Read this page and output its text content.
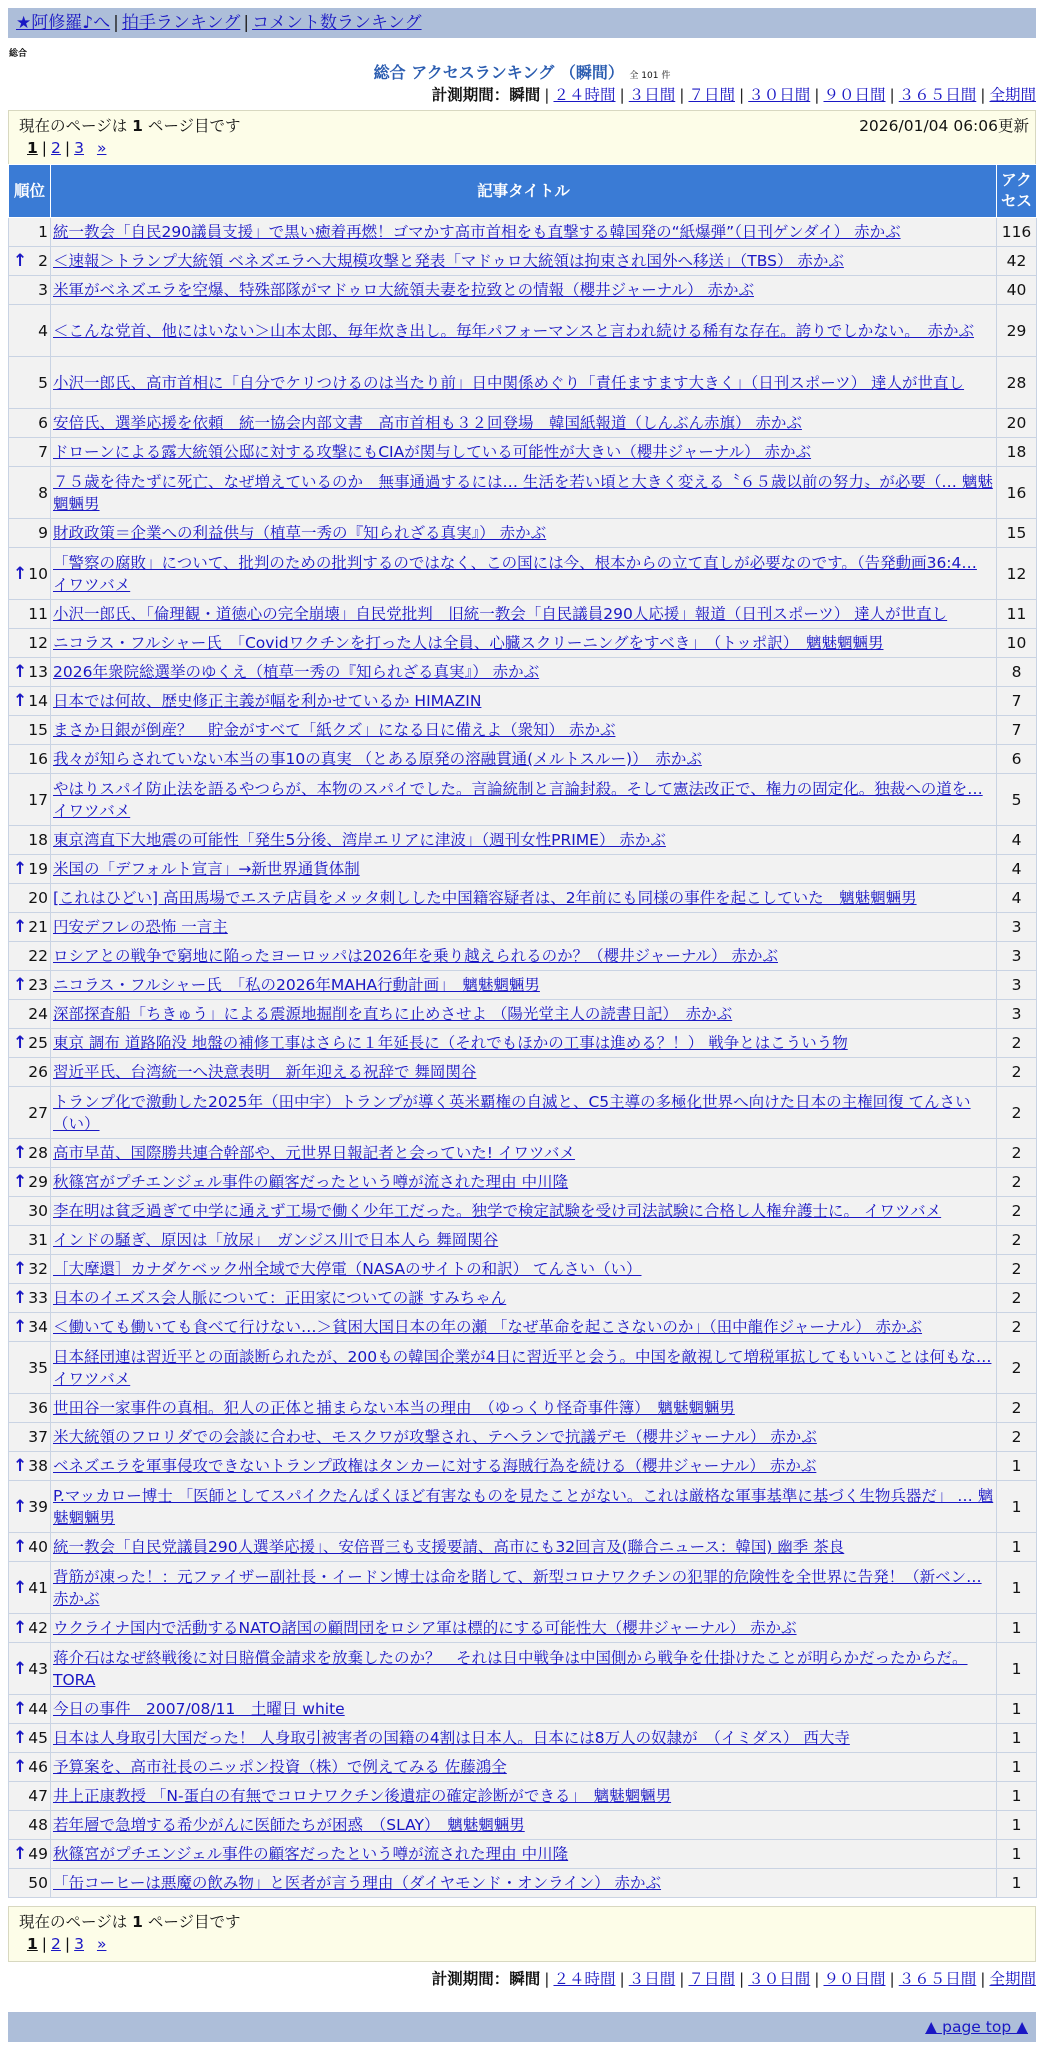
★阿修羅♪へ | 拍手ランキング | コメント数ランキング
総合
総合 アクセスランキング （瞬間） 全 101 件
計測期間：瞬間 | ２４時間 | ３日間 | ７日間 | ３０日間 | ９０日間 | ３６５日間 | 全期間
現在のページは 1 ページ目です	2026/01/04 06:06更新
1 | 2 | 3 »
順位	記事タイトル	アクセス
1	統一教会「自民290議員支援」で黒い癒着再燃！ゴマかす高市首相をも直撃する韓国発の“紙爆弾”（日刊ゲンダイ） 赤かぶ	116

↑ 2	＜速報＞トランプ大統領 ベネズエラへ大規模攻撃と発表「マドゥロ大統領は拘束され国外へ移送」（TBS） 赤かぶ	42
3	米軍がベネズエラを空爆、特殊部隊がマドゥロ大統領夫妻を拉致との情報（櫻井ジャーナル） 赤かぶ	40
4	＜こんな党首、他にはいない＞山本太郎、毎年炊き出し。毎年パフォーマンスと言われ続ける稀有な存在。誇りでしかない。　赤かぶ	29
5	小沢一郎氏、高市首相に「自分でケリつけるのは当たり前」日中関係めぐり「責任ますます大きく」（日刊スポーツ） 達人が世直し	28
6	安倍氏、選挙応援を依頼　統一協会内部文書　高市首相も３２回登場　韓国紙報道（しんぶん赤旗） 赤かぶ	20
7	ドローンによる露大統領公邸に対する攻撃にもCIAが関与している可能性が大きい（櫻井ジャーナル） 赤かぶ	18
8	７５歳を待たずに死亡、なぜ増えているのか　無事通過するには… 生活を若い頃と大きく変える〝６５歳以前の努力〟が必要（… 魑魅魍魎男	16
9	財政政策＝企業への利益供与（植草一秀の『知られざる真実』） 赤かぶ	15

↑ 10	「警察の腐敗」について、批判のための批判するのではなく、この国には今、根本からの立て直しが必要なのです。（告発動画36:4… イワツバメ	12
11	小沢一郎氏、「倫理観・道徳心の完全崩壊」自民党批判　旧統一教会「自民議員290人応援」報道（日刊スポーツ） 達人が世直し	11
12	ニコラス・フルシャー氏　「Covidワクチンを打った人は全員、心臓スクリーニングをすべき」　（トッポ訳）　魑魅魍魎男	10

↑ 13	2026年衆院総選挙のゆくえ（植草一秀の『知られざる真実』） 赤かぶ	8

↑ 14	日本では何故、歴史修正主義が幅を利かせているか HIMAZIN	7
15	まさか日銀が倒産？　貯金がすべて「紙クズ」になる日に備えよ（衆知） 赤かぶ	7
16	我々が知らされていない本当の事10の真実 （とある原発の溶融貫通(メルトスルー)）　赤かぶ	6
17	やはりスパイ防止法を語るやつらが、本物のスパイでした。言論統制と言論封殺。そして憲法改正で、権力の固定化。独裁への道を… イワツバメ	5
18	東京湾直下大地震の可能性「発生5分後、湾岸エリアに津波」（週刊女性PRIME） 赤かぶ	4

↑ 19	米国の「デフォルト宣言」→新世界通貨体制	4
20	[これはひどい] 高田馬場でエステ店員をメッタ刺しした中国籍容疑者は、2年前にも同様の事件を起こしていた　魑魅魍魎男	4

↑ 21	円安デフレの恐怖 一言主	3
22	ロシアとの戦争で窮地に陥ったヨーロッパは2026年を乗り越えられるのか？（櫻井ジャーナル） 赤かぶ	3

↑ 23	ニコラス・フルシャー氏　「私の2026年MAHA行動計画」　魑魅魍魎男	3
24	深部探査船「ちきゅう」による震源地掘削を直ちに止めさせよ （陽光堂主人の読書日記）　赤かぶ	3

↑ 25	東京 調布 道路陥没 地盤の補修工事はさらに１年延長に（それでもほかの工事は進める？！） 戦争とはこういう物	2
26	習近平氏、台湾統一へ決意表明　新年迎える祝辞で 舞岡関谷	2
27	トランプ化で激動した2025年（田中宇）トランプが導く英米覇権の自滅と、C5主導の多極化世界へ向けた日本の主権回復 てんさい（い）	2

↑ 28	高市早苗、国際勝共連合幹部や、元世界日報記者と会っていた! イワツバメ	2

↑ 29	秋篠宮がプチエンジェル事件の顧客だったという噂が流された理由 中川隆	2
30	李在明は貧乏過ぎて中学に通えず工場で働く少年工だった。独学で検定試験を受け司法試験に合格し人権弁護士に。 イワツバメ	2
31	インドの騒ぎ、原因は「放尿」　ガンジス川で日本人ら 舞岡関谷	2

↑ 32	［大摩還］カナダケベック州全域で大停電（NASAのサイトの和訳） てんさい（い）	2

↑ 33	日本のイエズス会人脈について：正田家についての謎 すみちゃん	2

↑ 34	＜働いても働いても食べて行けない…＞貧困大国日本の年の瀬 「なぜ革命を起こさないのか」（田中龍作ジャーナル） 赤かぶ	2
35	日本経団連は習近平との面談断られたが、200もの韓国企業が4日に習近平と会う。中国を敵視して増税軍拡してもいいことは何もな… イワツバメ	2
36	世田谷一家事件の真相。犯人の正体と捕まらない本当の理由　（ゆっくり怪奇事件簿）　魑魅魍魎男	2
37	米大統領のフロリダでの会談に合わせ、モスクワが攻撃され、テヘランで抗議デモ（櫻井ジャーナル） 赤かぶ	2

↑ 38	ベネズエラを軍事侵攻できないトランプ政権はタンカーに対する海賊行為を続ける（櫻井ジャーナル） 赤かぶ	1

↑ 39	P.マッカロー博士 「医師としてスパイクたんぱくほど有害なものを見たことがない。これは厳格な軍事基準に基づく生物兵器だ」 … 魑魅魍魎男	1

↑ 40	統一教会「自民党議員290人選挙応援」、安倍晋三も支援要請、高市にも32回言及(聯合ニュース：韓国) 幽季 茶良	1

↑ 41	背筋が凍った！：元ファイザー副社長・イードン博士は命を賭して、新型コロナワクチンの犯罪的危険性を全世界に告発！（新ベン… 赤かぶ	1

↑ 42	ウクライナ国内で活動するNATO諸国の顧問団をロシア軍は標的にする可能性大（櫻井ジャーナル） 赤かぶ	1

↑ 43	蒋介石はなぜ終戦後に対日賠償金請求を放棄したのか？　それは日中戦争は中国側から戦争を仕掛けたことが明らかだったからだ。 TORA	1

↑ 44	今日の事件　2007/08/11　土曜日 white	1

↑ 45	日本は人身取引大国だった！ 人身取引被害者の国籍の4割は日本人。日本には8万人の奴隷が　（イミダス） 西大寺	1

↑ 46	予算案を、高市社長のニッポン投資（株）で例えてみる 佐藤鴻全	1
47	井上正康教授 「N-蛋白の有無でコロナワクチン後遺症の確定診断ができる」　魑魅魍魎男	1
48	若年層で急増する希少がんに医師たちが困惑　（SLAY）　魑魅魍魎男	1

↑ 49	秋篠宮がプチエンジェル事件の顧客だったという噂が流された理由 中川隆	1
50	「缶コーヒーは悪魔の飲み物」と医者が言う理由（ダイヤモンド・オンライン） 赤かぶ	1
現在のページは 1 ページ目です
1 | 2 | 3 »
計測期間：瞬間 | ２４時間 | ３日間 | ７日間 | ３０日間 | ９０日間 | ３６５日間 | 全期間
▲ page top ▲
